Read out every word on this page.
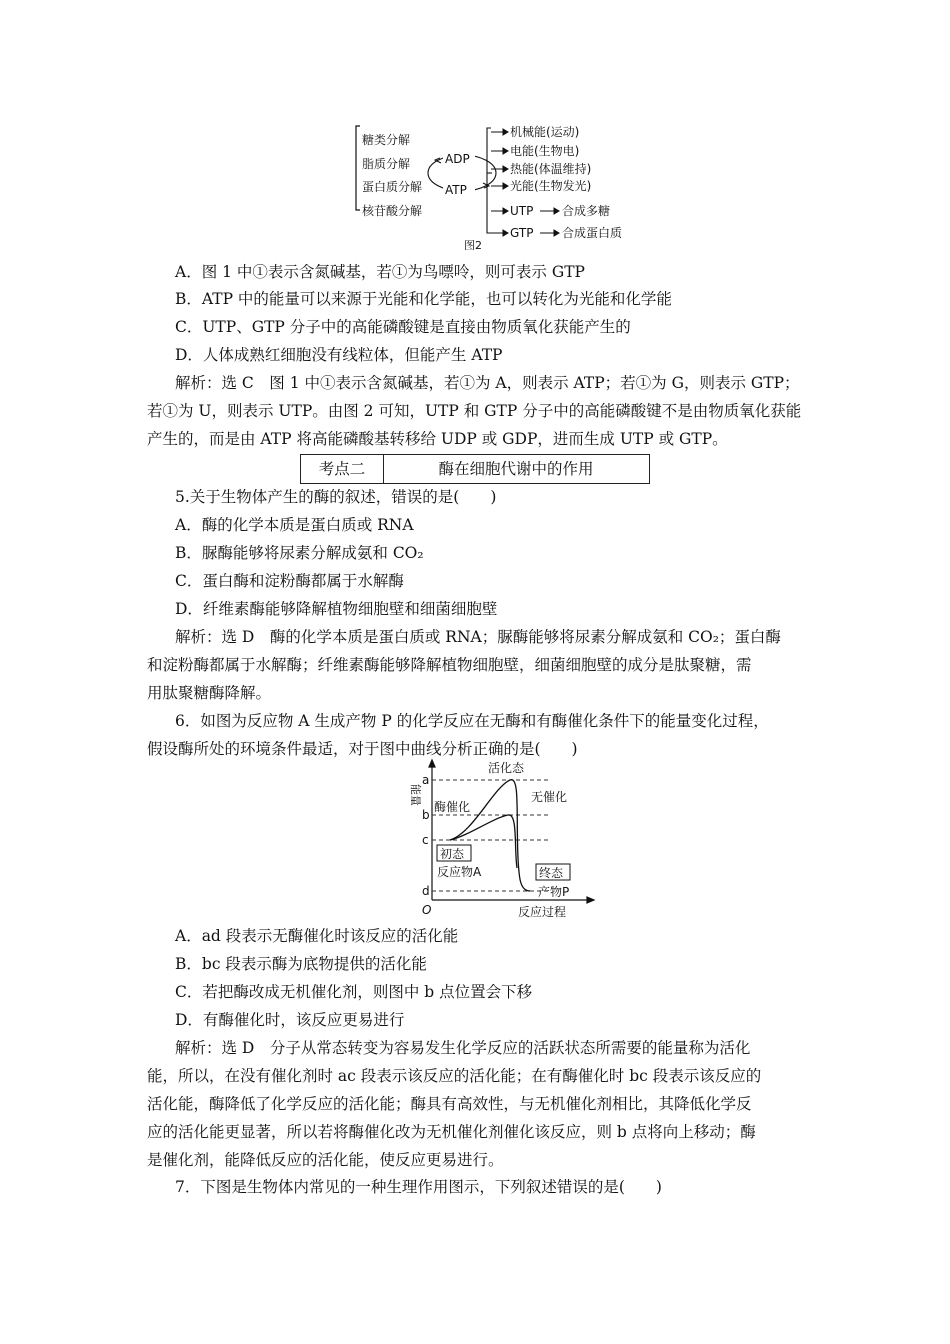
糖类分解
脂质分解
蛋白质分解
核苷酸分解
ADP
ATP
机械能(运动)
电能(生物电)
热能(体温维持)
光能(生物发光)
UTP 合成多糖
GTP 合成蛋白质
图2
A．图 1 中①表示含氮碱基，若①为鸟嘌呤，则可表示 GTP
B．ATP 中的能量可以来源于光能和化学能，也可以转化为光能和化学能
C．UTP、GTP 分子中的高能磷酸键是直接由物质氧化获能产生的
D．人体成熟红细胞没有线粒体，但能产生 ATP
解析：选 C　图 1 中①表示含氮碱基，若①为 A，则表示 ATP；若①为 G，则表示 GTP；
若①为 U，则表示 UTP。由图 2 可知，UTP 和 GTP 分子中的高能磷酸键不是由物质氧化获能
产生的，而是由 ATP 将高能磷酸基转移给 UDP 或 GDP，进而生成 UTP 或 GTP。
考点二	酶在细胞代谢中的作用
5.关于生物体产生的酶的叙述，错误的是(　　)
A．酶的化学本质是蛋白质或 RNA
B．脲酶能够将尿素分解成氨和 CO₂
C．蛋白酶和淀粉酶都属于水解酶
D．纤维素酶能够降解植物细胞壁和细菌细胞壁
解析：选 D　酶的化学本质是蛋白质或 RNA；脲酶能够将尿素分解成氨和 CO₂；蛋白酶
和淀粉酶都属于水解酶；纤维素酶能够降解植物细胞壁，细菌细胞壁的成分是肽聚糖，需
用肽聚糖酶降解。
6．如图为反应物 A 生成产物 P 的化学反应在无酶和有酶催化条件下的能量变化过程，
假设酶所处的环境条件最适，对于图中曲线分析正确的是(　　)
a
b
c
d
O
能量
活化态
无催化
酶催化
初态
反应物A	终态
产物P
反应过程
A．ad 段表示无酶催化时该反应的活化能
B．bc 段表示酶为底物提供的活化能
C．若把酶改成无机催化剂，则图中 b 点位置会下移
D．有酶催化时，该反应更易进行
解析：选 D　分子从常态转变为容易发生化学反应的活跃状态所需要的能量称为活化
能，所以，在没有催化剂时 ac 段表示该反应的活化能；在有酶催化时 bc 段表示该反应的
活化能，酶降低了化学反应的活化能；酶具有高效性，与无机催化剂相比，其降低化学反
应的活化能更显著，所以若将酶催化改为无机催化剂催化该反应，则 b 点将向上移动；酶
是催化剂，能降低反应的活化能，使反应更易进行。
7．下图是生物体内常见的一种生理作用图示，下列叙述错误的是(　　)
